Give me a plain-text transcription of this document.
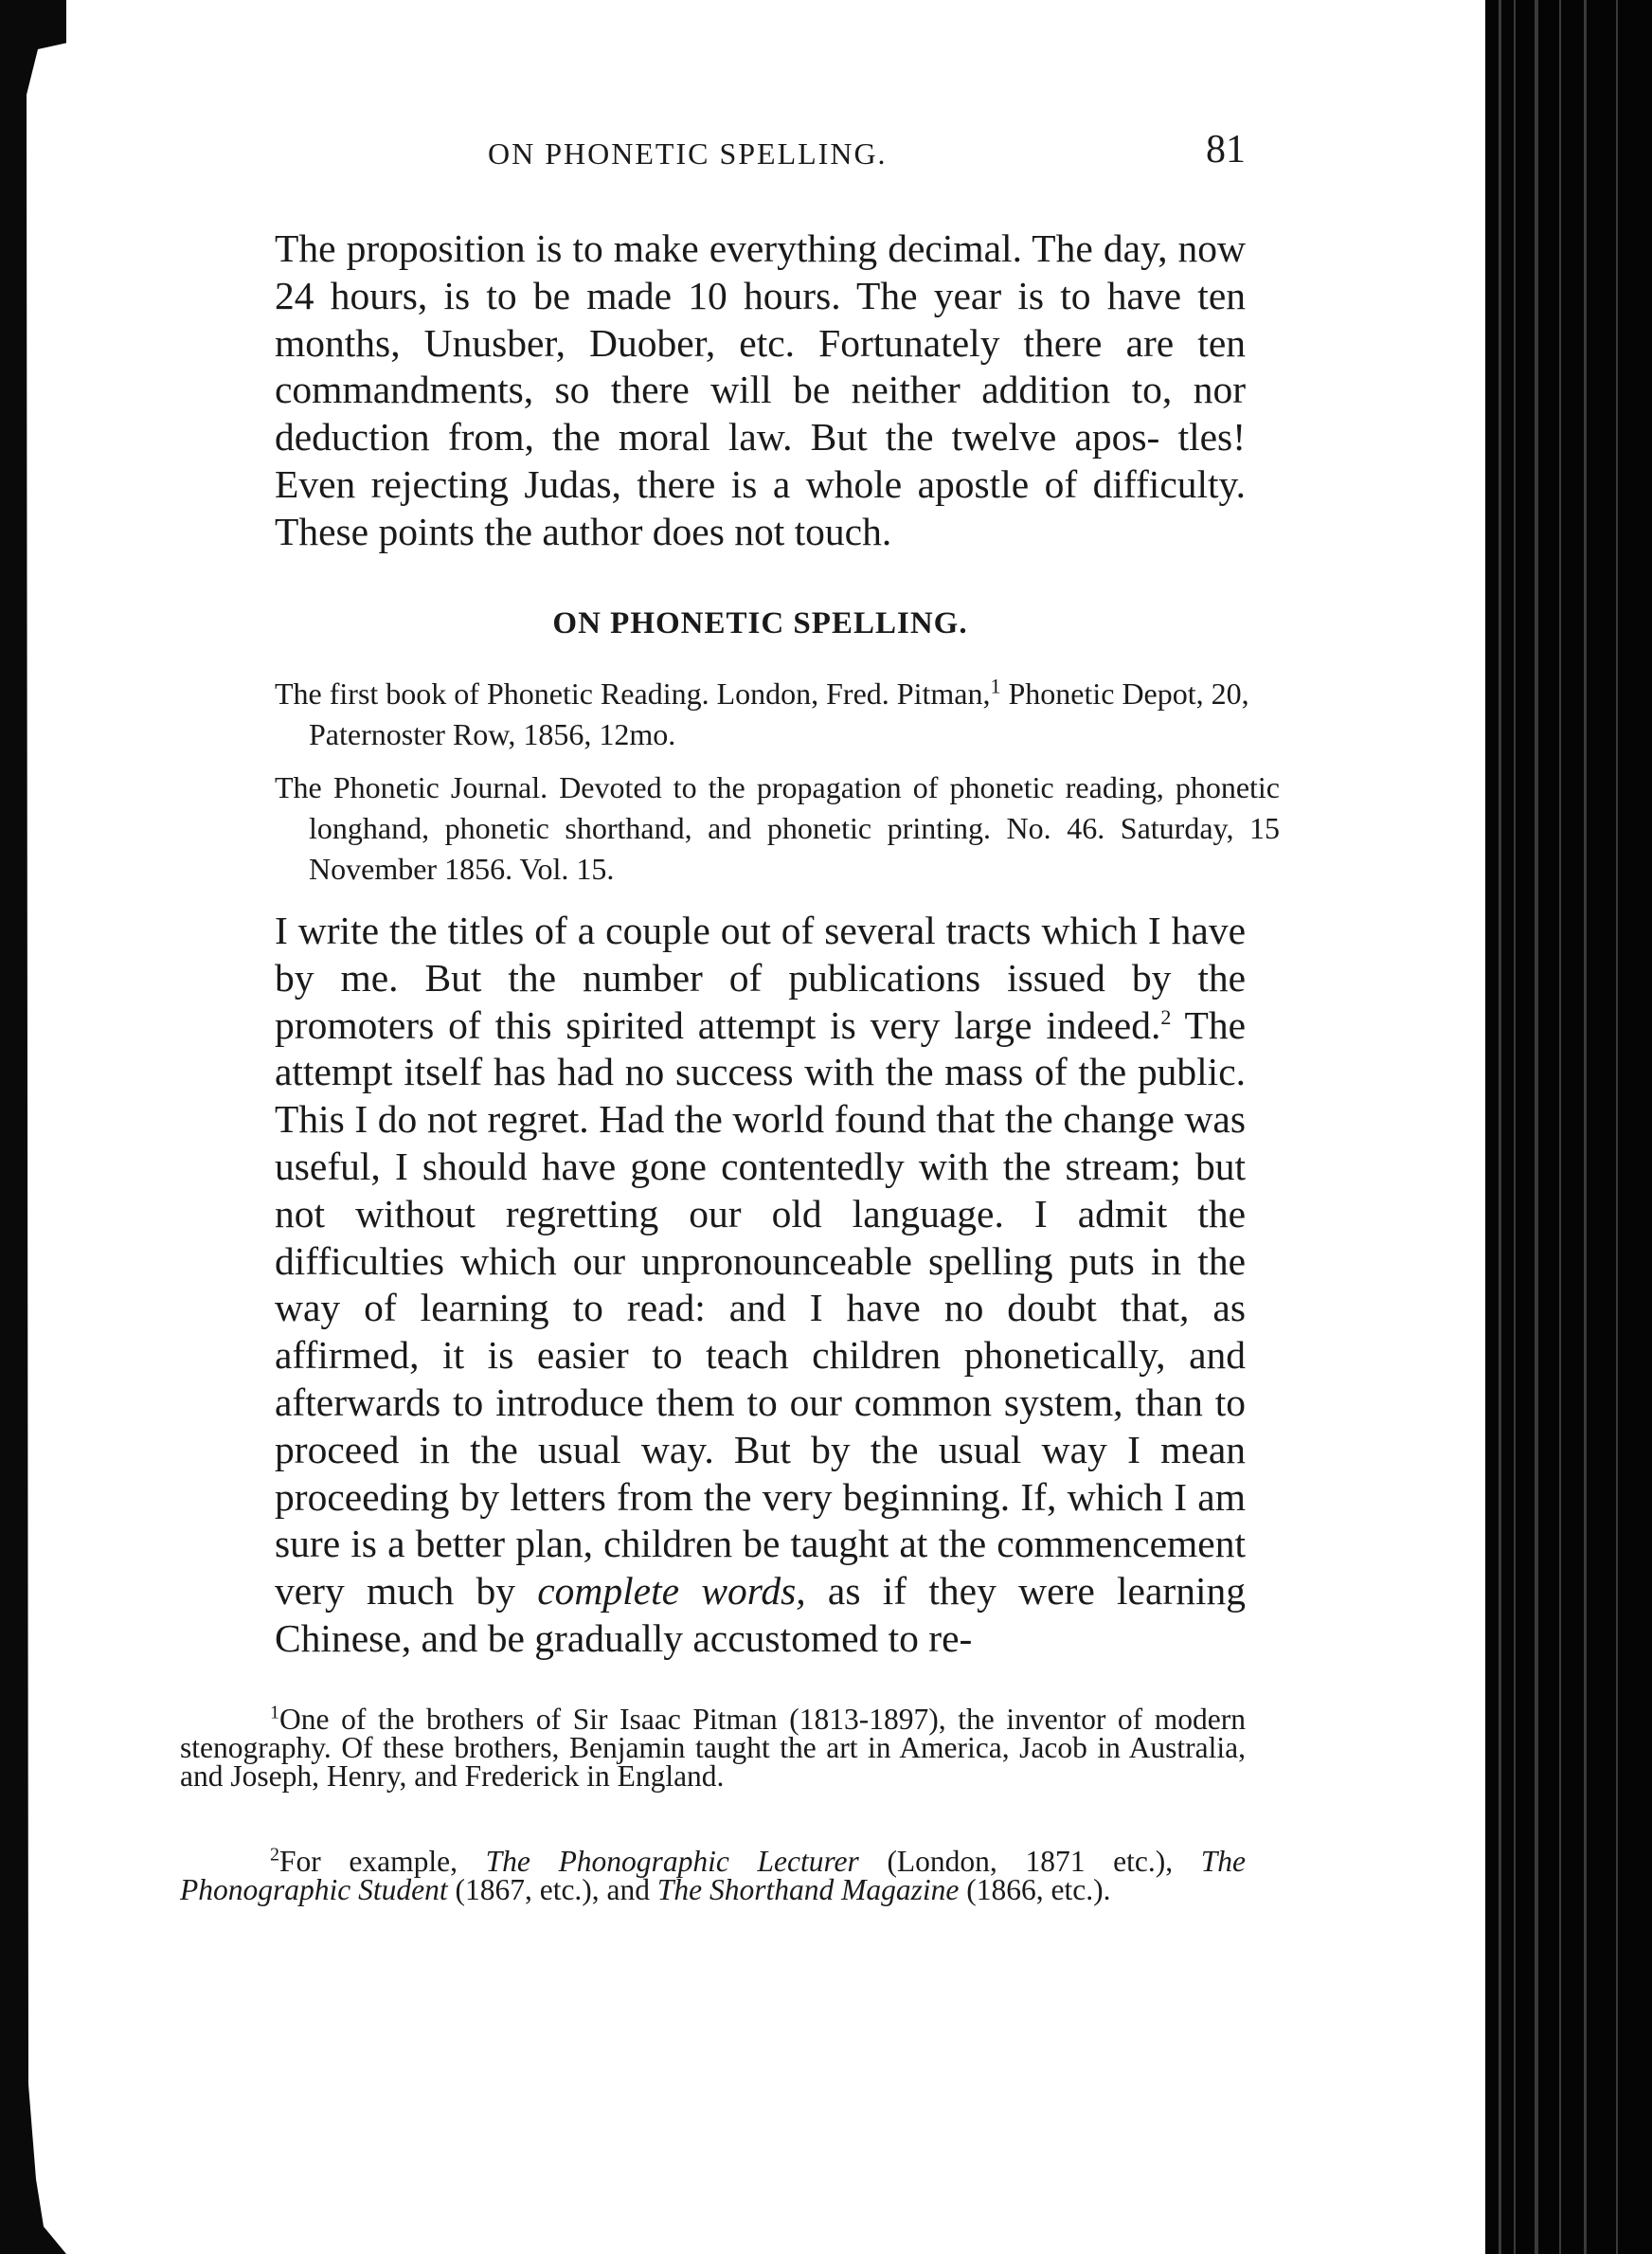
ON PHONETIC SPELLING.	81

The proposition is to make everything decimal. The day, now 24 hours, is to be made 10 hours. The year is to have ten months, Unusber, Duober, etc. Fortunately there are ten commandments, so there will be neither addition to, nor deduction from, the moral law. But the twelve apos- tles! Even rejecting Judas, there is a whole apostle of difficulty. These points the author does not touch.

ON PHONETIC SPELLING.

The first book of Phonetic Reading. London, Fred. Pitman,$^1$ Phonetic Depot, 20, Paternoster Row, 1856, 12mo.

The Phonetic Journal. Devoted to the propagation of phonetic reading, phonetic longhand, phonetic shorthand, and phonetic printing. No. 46. Saturday, 15 November 1856. Vol. 15.

I write the titles of a couple out of several tracts which I have by me. But the number of publications issued by the promoters of this spirited attempt is very large indeed.$^2$ The attempt itself has had no success with the mass of the public. This I do not regret. Had the world found that the change was useful, I should have gone contentedly with the stream; but not without regretting our old language. I admit the difficulties which our unpronounceable spelling puts in the way of learning to read: and I have no doubt that, as affirmed, it is easier to teach children phonetically, and afterwards to introduce them to our common system, than to proceed in the usual way. But by the usual way I mean proceeding by letters from the very beginning. If, which I am sure is a better plan, children be taught at the commencement very much by complete words, as if they were learning Chinese, and be gradually accustomed to re-

$^1$One of the brothers of Sir Isaac Pitman (1813-1897), the inventor of modern stenography. Of these brothers, Benjamin taught the art in America, Jacob in Australia, and Joseph, Henry, and Frederick in England.

$^2$For example, The Phonographic Lecturer (London, 1871 etc.), The Phonographic Student (1867, etc.), and The Shorthand Magazine (1866, etc.).
